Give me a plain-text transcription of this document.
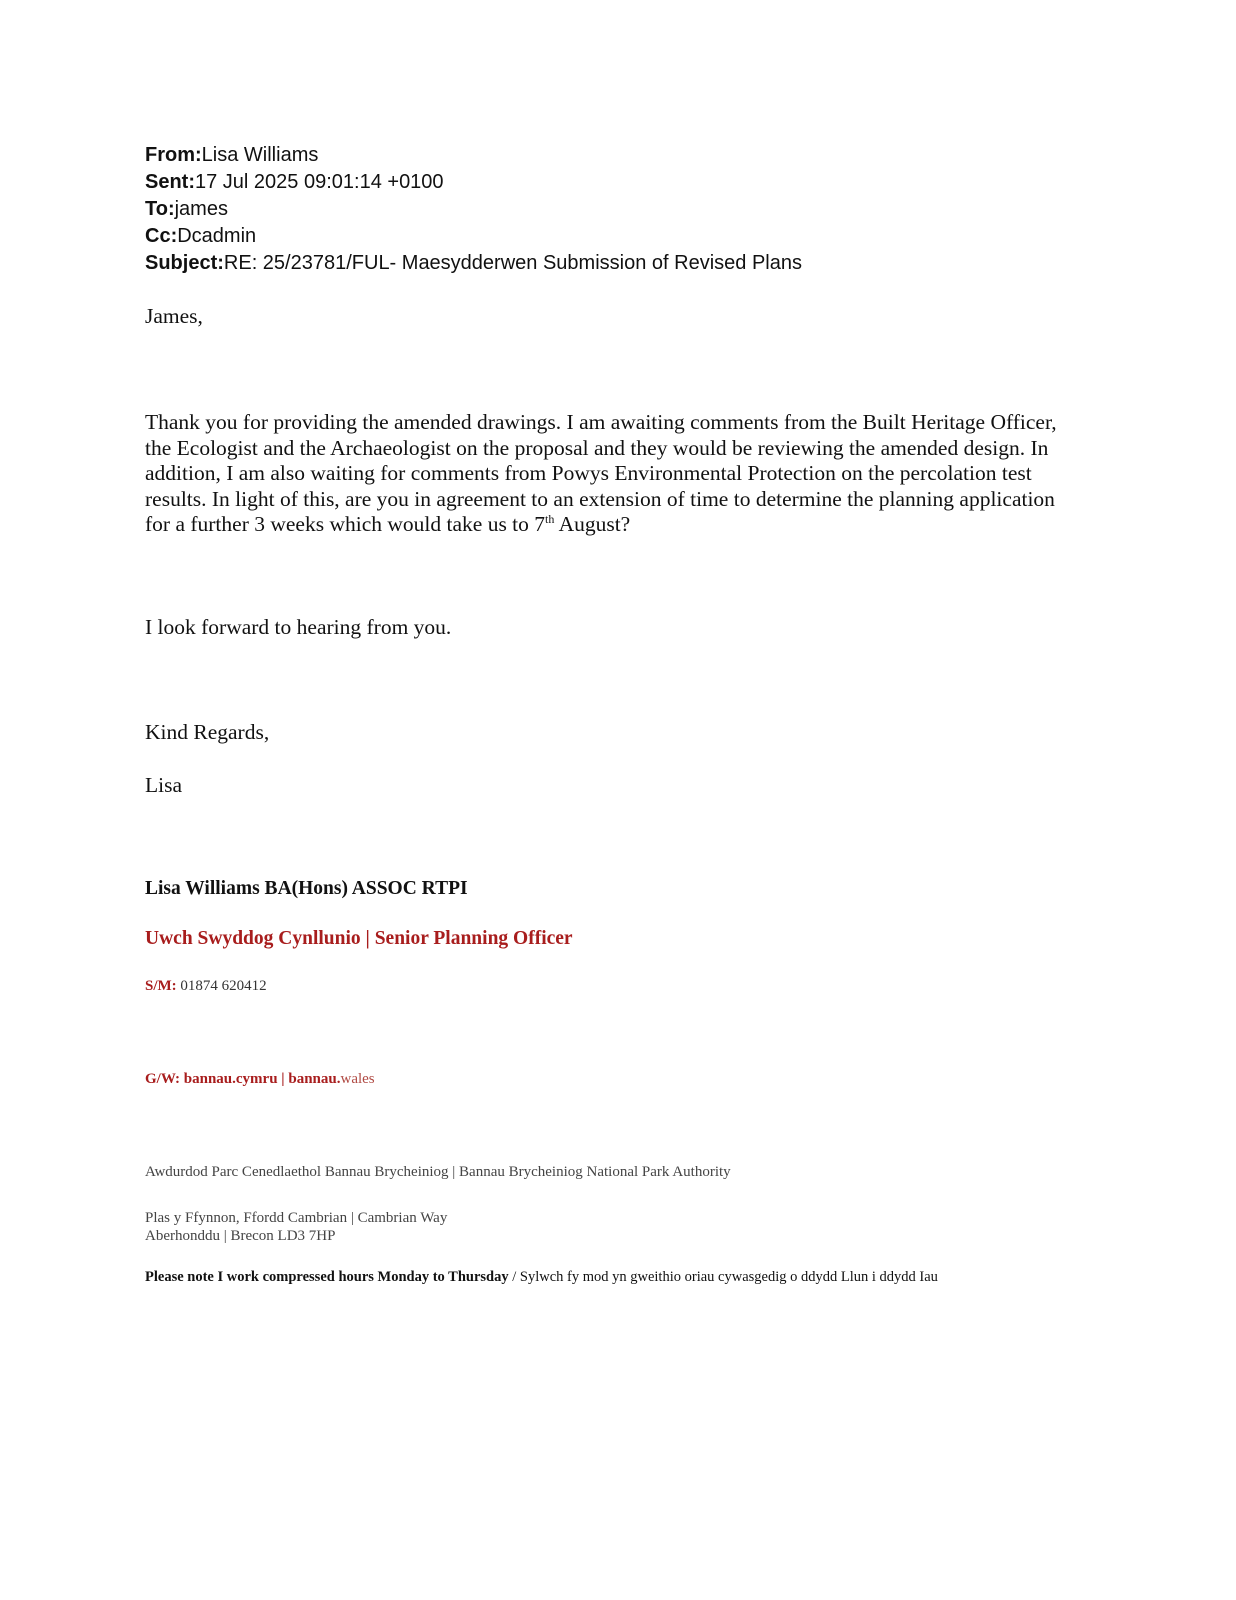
From:Lisa Williams
Sent:17 Jul 2025 09:01:14 +0100
To:james
Cc:Dcadmin
Subject:RE: 25/23781/FUL- Maesydderwen Submission of Revised Plans
James,
Thank you for providing the amended drawings. I am awaiting comments from the Built Heritage Officer, the Ecologist and the Archaeologist on the proposal and they would be reviewing the amended design. In addition, I am also waiting for comments from Powys Environmental Protection on the percolation test results. In light of this, are you in agreement to an extension of time to determine the planning application for a further 3 weeks which would take us to 7th August?
I look forward to hearing from you.
Kind Regards,
Lisa
Lisa Williams BA(Hons) ASSOC RTPI
Uwch Swyddog Cynllunio | Senior Planning Officer
S/M: 01874 620412
G/W: bannau.cymru | bannau.wales
Awdurdod Parc Cenedlaethol Bannau Brycheiniog | Bannau Brycheiniog National Park Authority
Plas y Ffynnon, Ffordd Cambrian | Cambrian Way
Aberhonddu | Brecon LD3 7HP
Please note I work compressed hours Monday to Thursday / Sylwch fy mod yn gweithio oriau cywasgedig o ddydd Llun i ddydd Iau
